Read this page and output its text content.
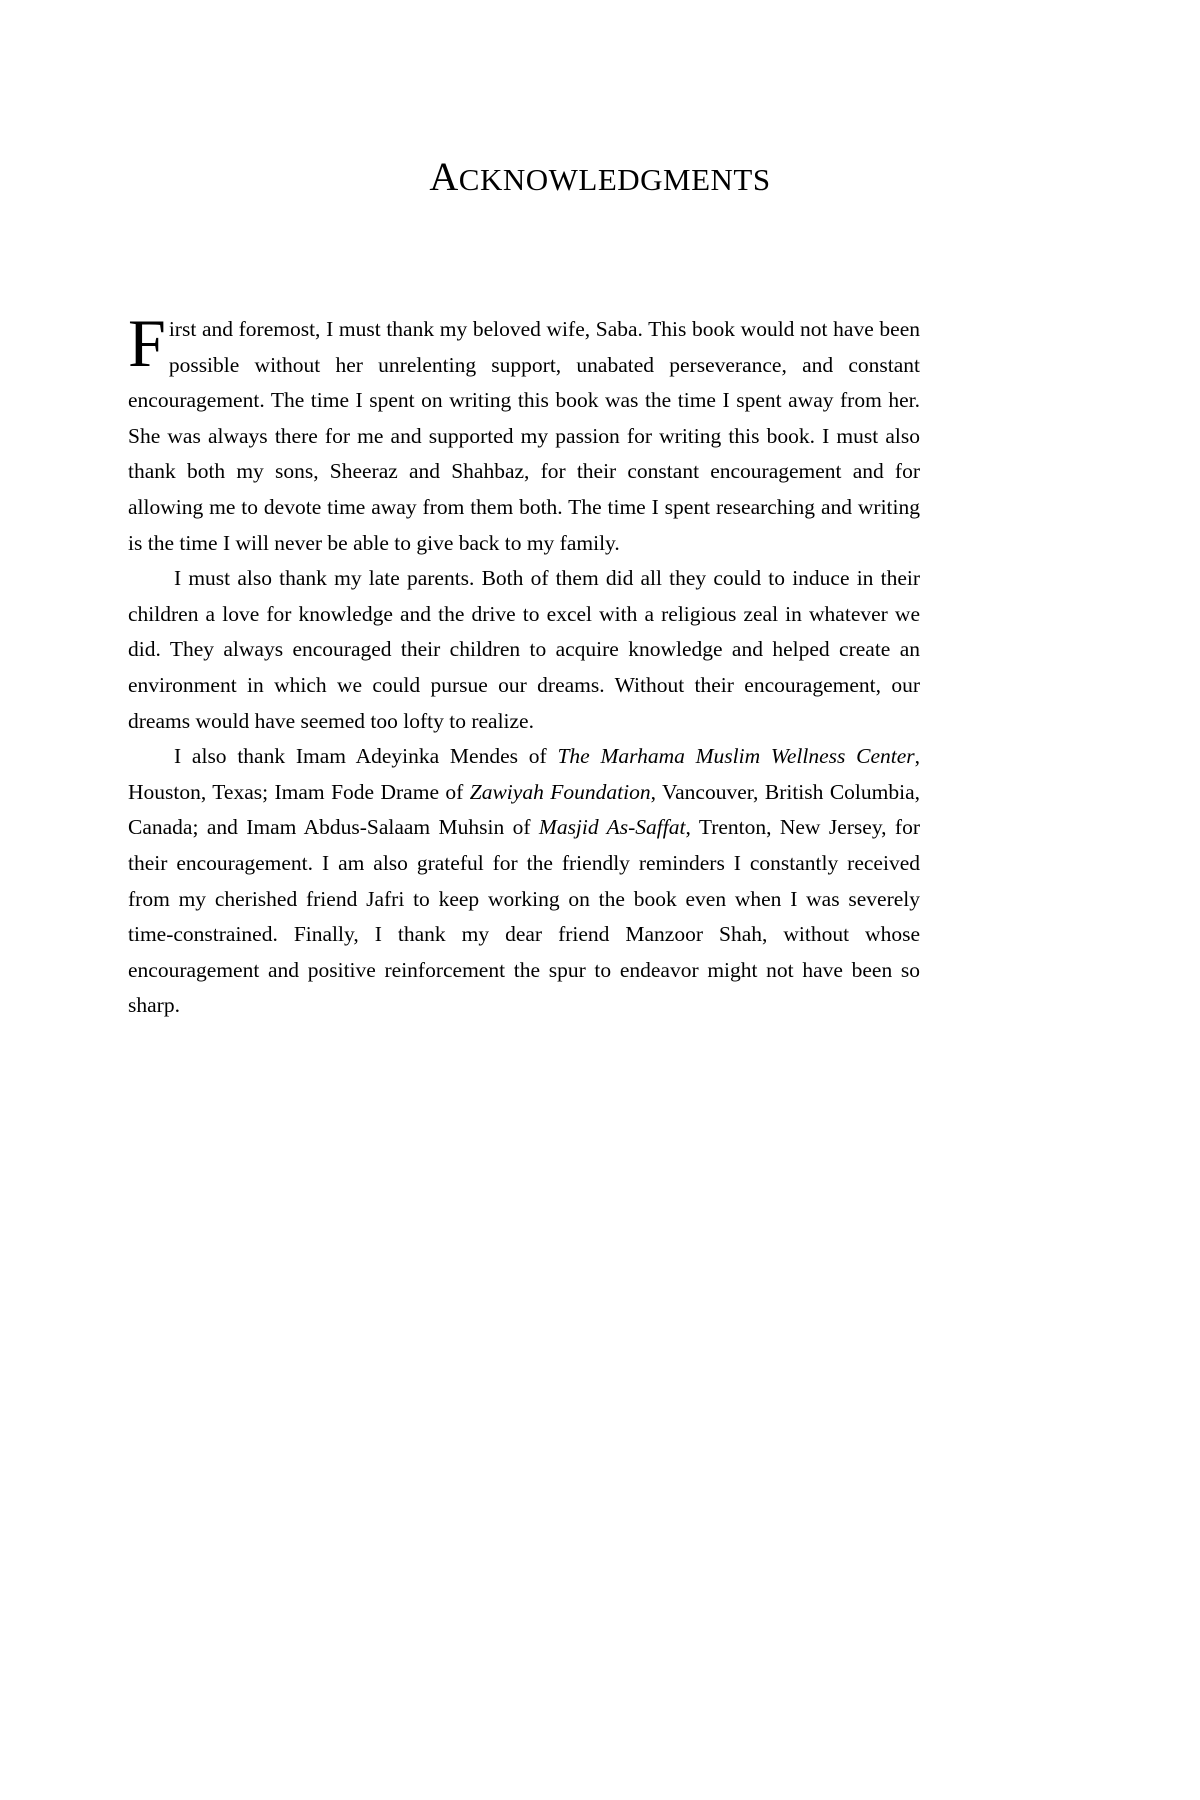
ACKNOWLEDGMENTS

First and foremost, I must thank my beloved wife, Saba. This book would not have been possible without her unrelenting support, unabated perseverance, and constant encouragement. The time I spent on writing this book was the time I spent away from her. She was always there for me and supported my passion for writing this book. I must also thank both my sons, Sheeraz and Shahbaz, for their constant encouragement and for allowing me to devote time away from them both. The time I spent researching and writing is the time I will never be able to give back to my family.

I must also thank my late parents. Both of them did all they could to induce in their children a love for knowledge and the drive to excel with a religious zeal in whatever we did. They always encouraged their children to acquire knowledge and helped create an environment in which we could pursue our dreams. Without their encouragement, our dreams would have seemed too lofty to realize.

I also thank Imam Adeyinka Mendes of The Marhama Muslim Wellness Center, Houston, Texas; Imam Fode Drame of Zawiyah Foundation, Vancouver, British Columbia, Canada; and Imam Abdus-Salaam Muhsin of Masjid As-Saffat, Trenton, New Jersey, for their encouragement. I am also grateful for the friendly reminders I constantly received from my cherished friend Jafri to keep working on the book even when I was severely time-constrained. Finally, I thank my dear friend Manzoor Shah, without whose encouragement and positive reinforcement the spur to endeavor might not have been so sharp.
